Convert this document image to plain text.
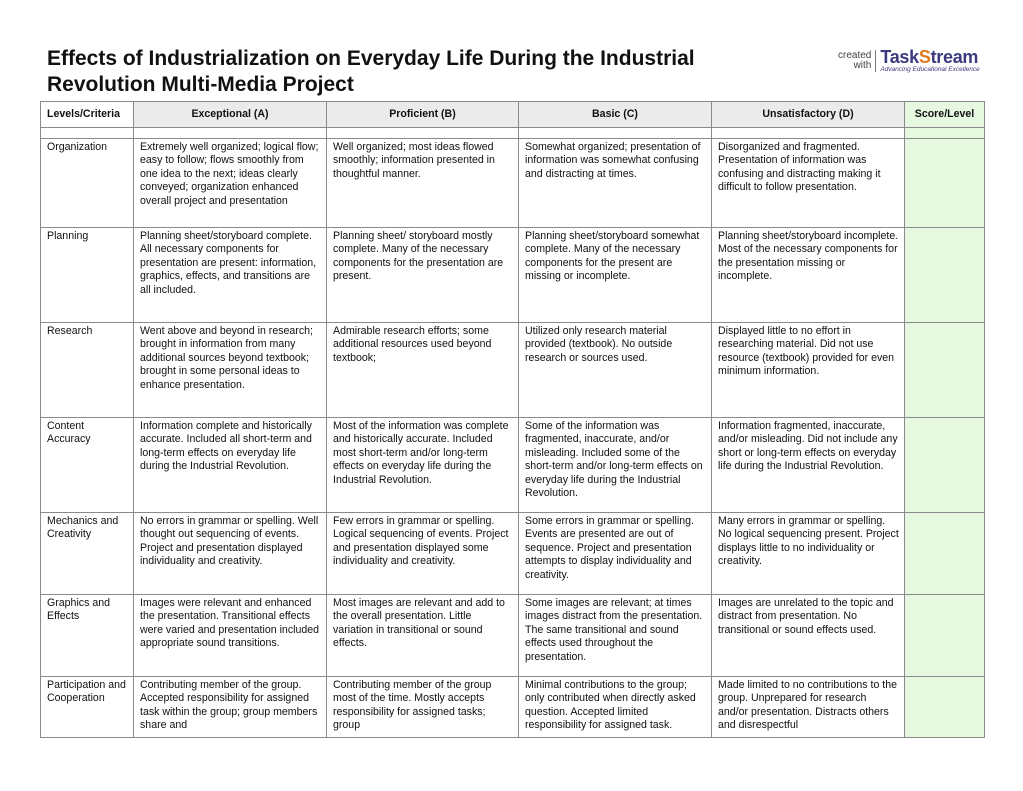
Effects of Industrialization on Everyday Life During the Industrial
Revolution Multi-Media Project
created
with TaskStream
Advancing Educational Excellence
Levels/Criteria	Exceptional (A)	Proficient (B)	Basic (C)	Unsatisfactory (D)	Score/Level

Organization	Extremely well organized; logical flow; easy to follow; flows smoothly from one idea to the next; ideas clearly conveyed; organization enhanced overall project and presentation	Well organized; most ideas flowed smoothly; information presented in thoughtful manner.	Somewhat organized; presentation of information was somewhat confusing and distracting at times.	Disorganized and fragmented. Presentation of information was confusing and distracting making it difficult to follow presentation.	
Planning	Planning sheet/storyboard complete. All necessary components for presentation are present: information, graphics, effects, and transitions are all included.	Planning sheet/ storyboard mostly complete. Many of the necessary components for the presentation are present.	Planning sheet/storyboard somewhat complete. Many of the necessary components for the present are missing or incomplete.	Planning sheet/storyboard incomplete. Most of the necessary components for the presentation missing or incomplete.	
Research	Went above and beyond in research; brought in information from many additional sources beyond textbook; brought in some personal ideas to enhance presentation.	Admirable research efforts; some additional resources used beyond textbook;	Utilized only research material provided (textbook). No outside research or sources used.	Displayed little to no effort in researching material. Did not use resource (textbook) provided for even minimum information.	
Content Accuracy	Information complete and historically accurate. Included all short-term and long-term effects on everyday life during the Industrial Revolution.	Most of the information was complete and historically accurate. Included most short-term and/or long-term effects on everyday life during the Industrial Revolution.	Some of the information was fragmented, inaccurate, and/or misleading. Included some of the short-term and/or long-term effects on everyday life during the Industrial Revolution.	Information fragmented, inaccurate, and/or misleading. Did not include any short or long-term effects on everyday life during the Industrial Revolution.	
Mechanics and Creativity	No errors in grammar or spelling. Well thought out sequencing of events. Project and presentation displayed individuality and creativity.	Few errors in grammar or spelling. Logical sequencing of events. Project and presentation displayed some individuality and creativity.	Some errors in grammar or spelling. Events are presented are out of sequence. Project and presentation attempts to display individuality and creativity.	Many errors in grammar or spelling. No logical sequencing present. Project displays little to no individuality or creativity.	
Graphics and Effects	Images were relevant and enhanced the presentation. Transitional effects were varied and presentation included appropriate sound transitions.	Most images are relevant and add to the overall presentation. Little variation in transitional or sound effects.	Some images are relevant; at times images distract from the presentation. The same transitional and sound effects used throughout the presentation.	Images are unrelated to the topic and distract from presentation. No transitional or sound effects used.	
Participation and Cooperation	Contributing member of the group. Accepted responsibility for assigned task within the group; group members share and	Contributing member of the group most of the time. Mostly accepts responsibility for assigned tasks; group	Minimal contributions to the group; only contributed when directly asked question. Accepted limited responsibility for assigned task.	Made limited to no contributions to the group. Unprepared for research and/or presentation. Distracts others and disrespectful	
